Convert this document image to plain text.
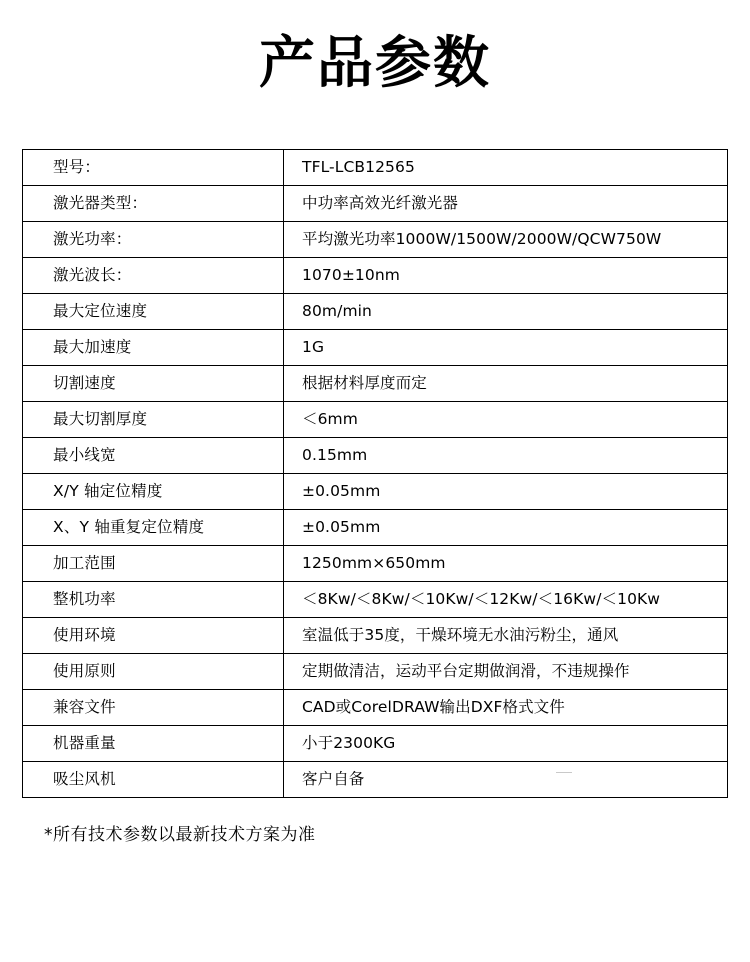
产品参数
型号：	TFL-LCB12565
激光器类型：	中功率高效光纤激光器
激光功率：	平均激光功率1000W/1500W/2000W/QCW750W
激光波长：	1070±10nm
最大定位速度	80m/min
最大加速度	1G
切割速度	根据材料厚度而定
最大切割厚度	＜6mm
最小线宽	0.15mm
X/Y 轴定位精度	±0.05mm
X、Y 轴重复定位精度	±0.05mm
加工范围	1250mm×650mm
整机功率	＜8Kw/＜8Kw/＜10Kw/＜12Kw/＜16Kw/＜10Kw
使用环境	室温低于35度，干燥环境无水油污粉尘，通风
使用原则	定期做清洁，运动平台定期做润滑，不违规操作
兼容文件	CAD或CorelDRAW输出DXF格式文件
机器重量	小于2300KG
吸尘风机	客户自备
*所有技术参数以最新技术方案为准
